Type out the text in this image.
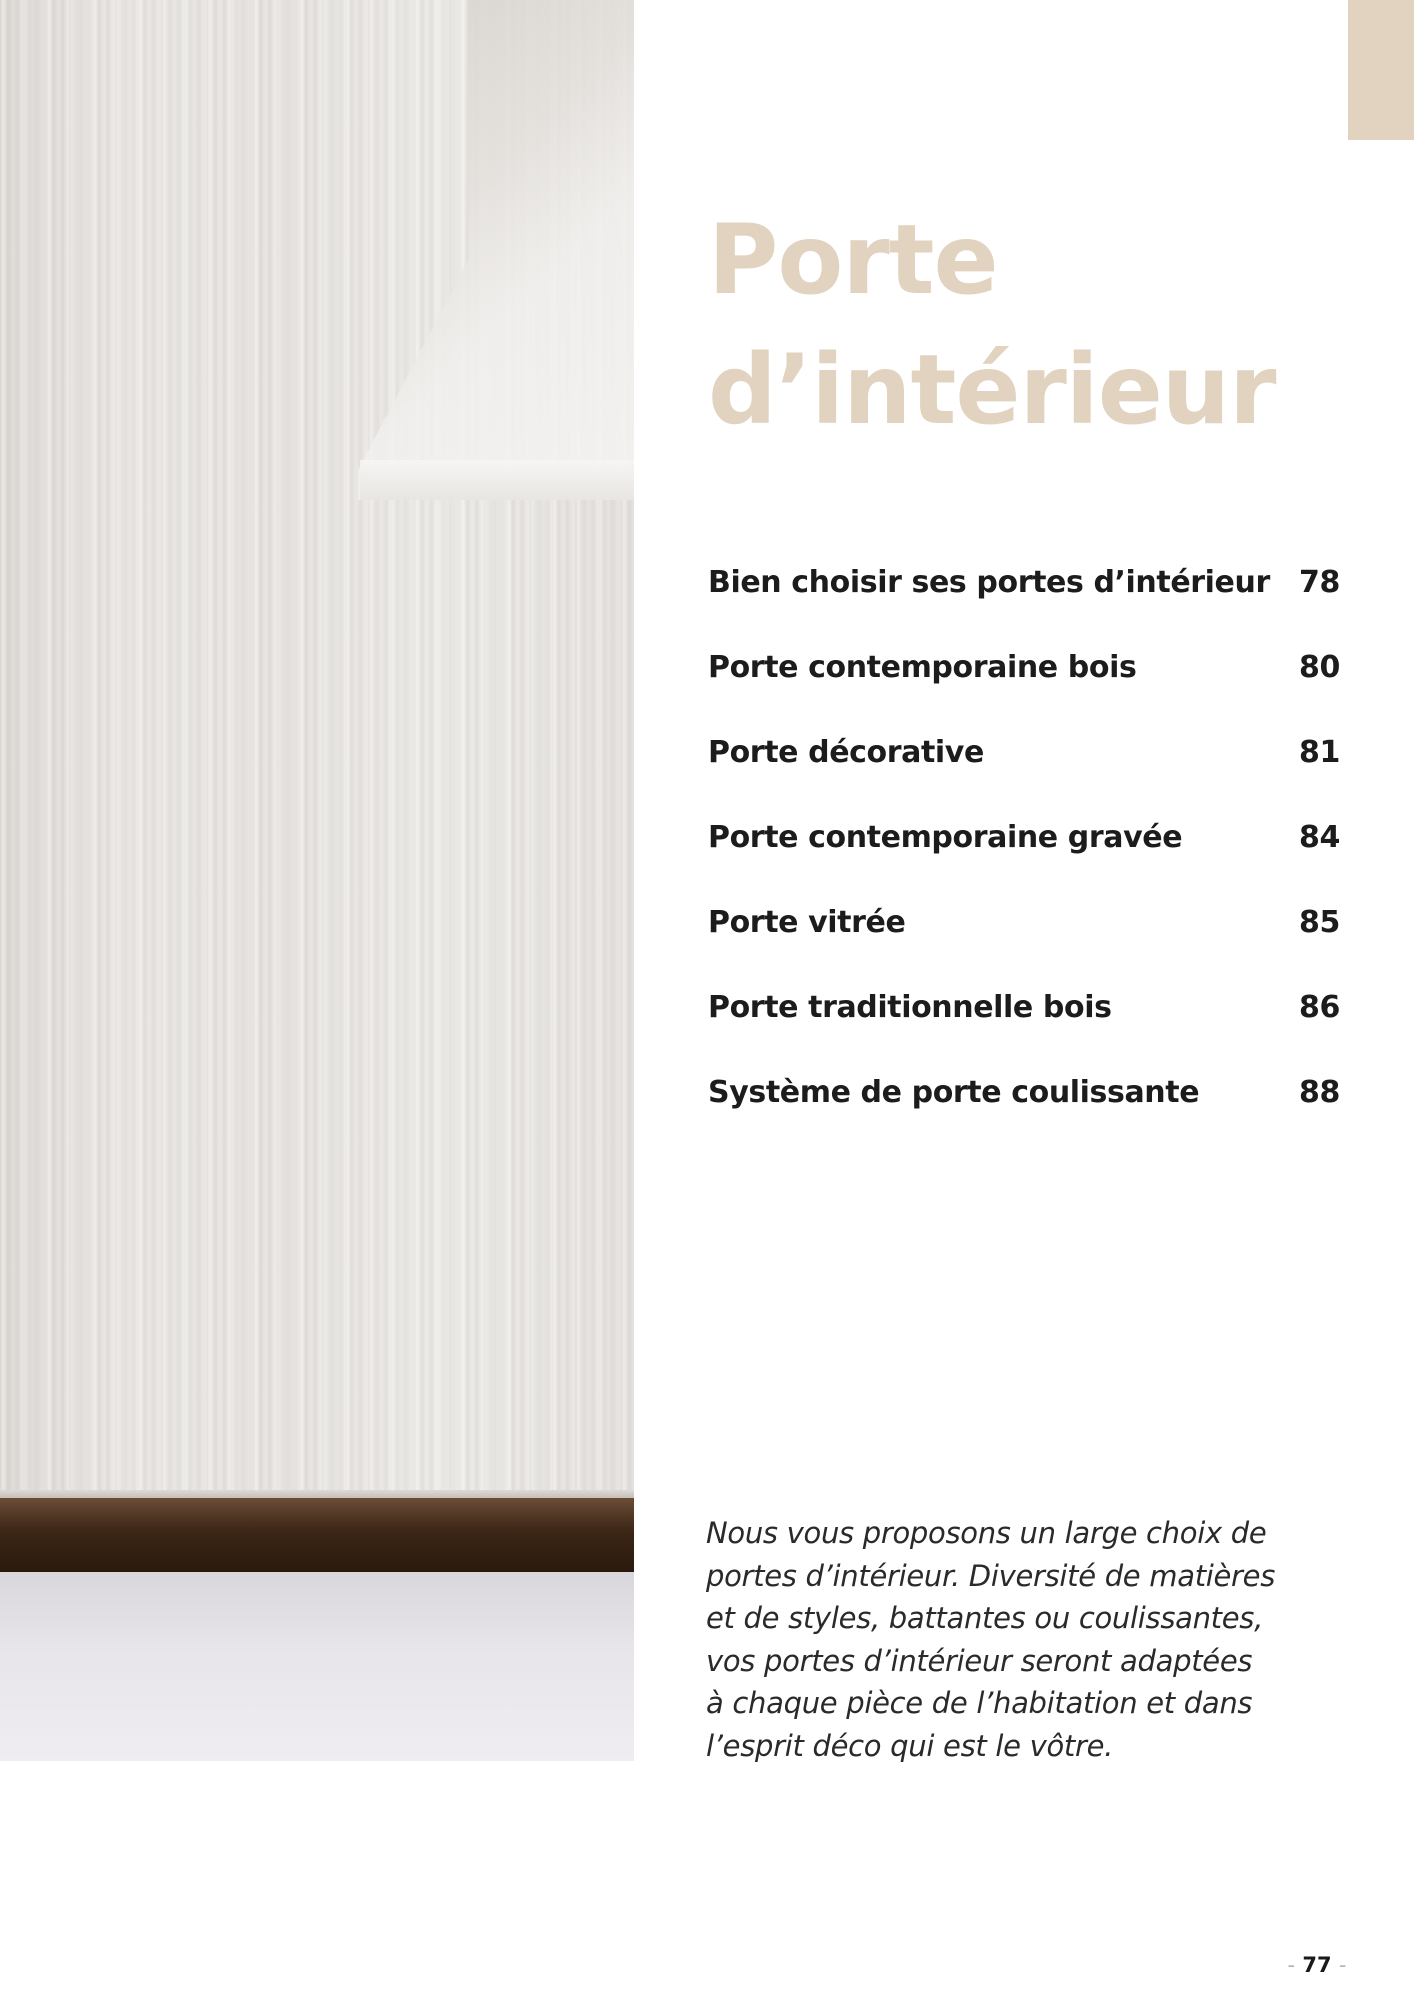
Porte
d’intérieur
Bien choisir ses portes d’intérieur 78
Porte contemporaine bois	80
Porte décorative	81
Porte contemporaine gravée	84
Porte vitrée	85
Porte traditionnelle bois	86
Système de porte coulissante	88

Nous vous proposons un large choix de
portes d’intérieur. Diversité de matières
et de styles, battantes ou coulissantes,
vos portes d’intérieur seront adaptées
à chaque pièce de l’habitation et dans
l’esprit déco qui est le vôtre.

- 77 -
